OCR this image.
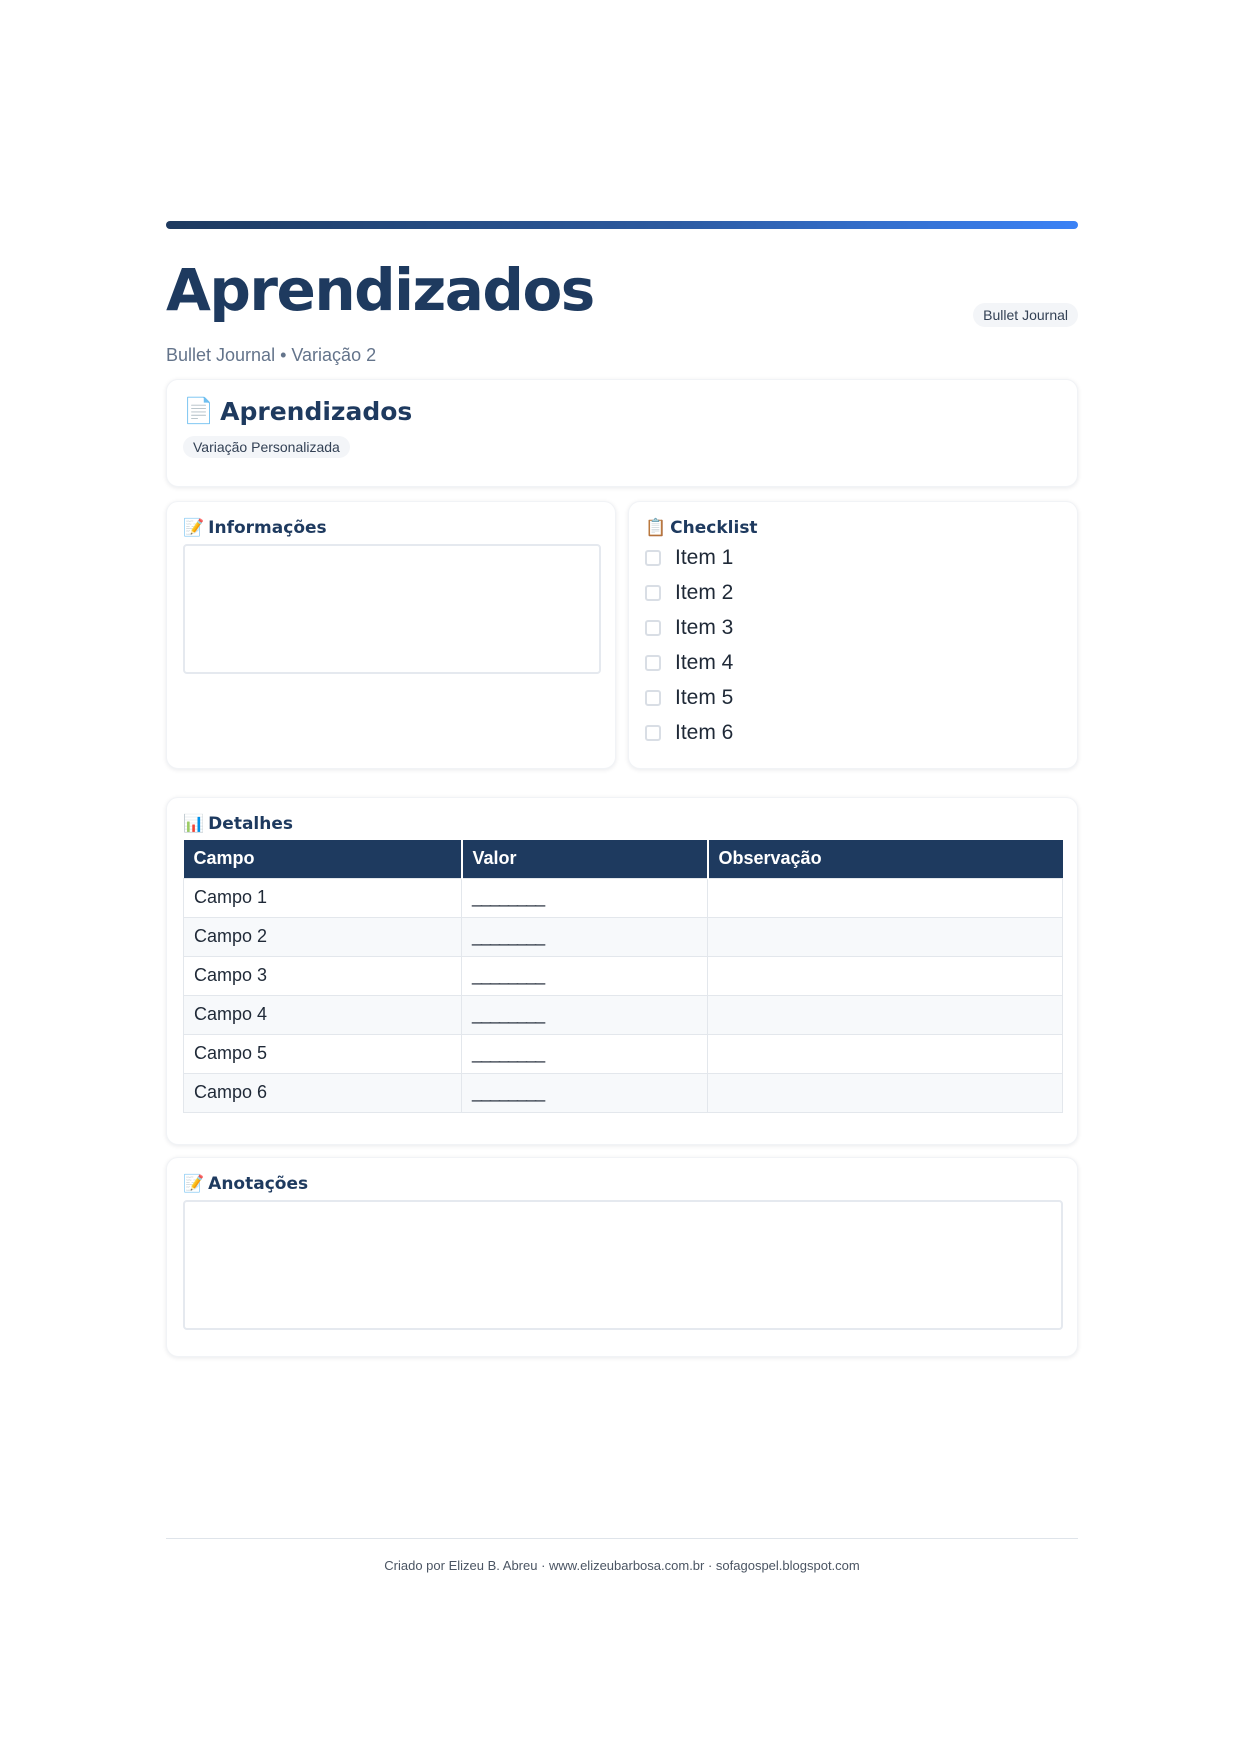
Aprendizados	Bullet Journal
Bullet Journal • Variação 2
📄 Aprendizados
Variação Personalizada
📝 Informações	📋 Checklist
Item 1
Item 2
Item 3
Item 4
Item 5
Item 6
📊 Detalhes
Campo	Valor	Observação
Campo 1	________	
Campo 2	________	
Campo 3	________	
Campo 4	________	
Campo 5	________	
Campo 6	________	
📝 Anotações
Criado por Elizeu B. Abreu · www.elizeubarbosa.com.br · sofagospel.blogspot.com
